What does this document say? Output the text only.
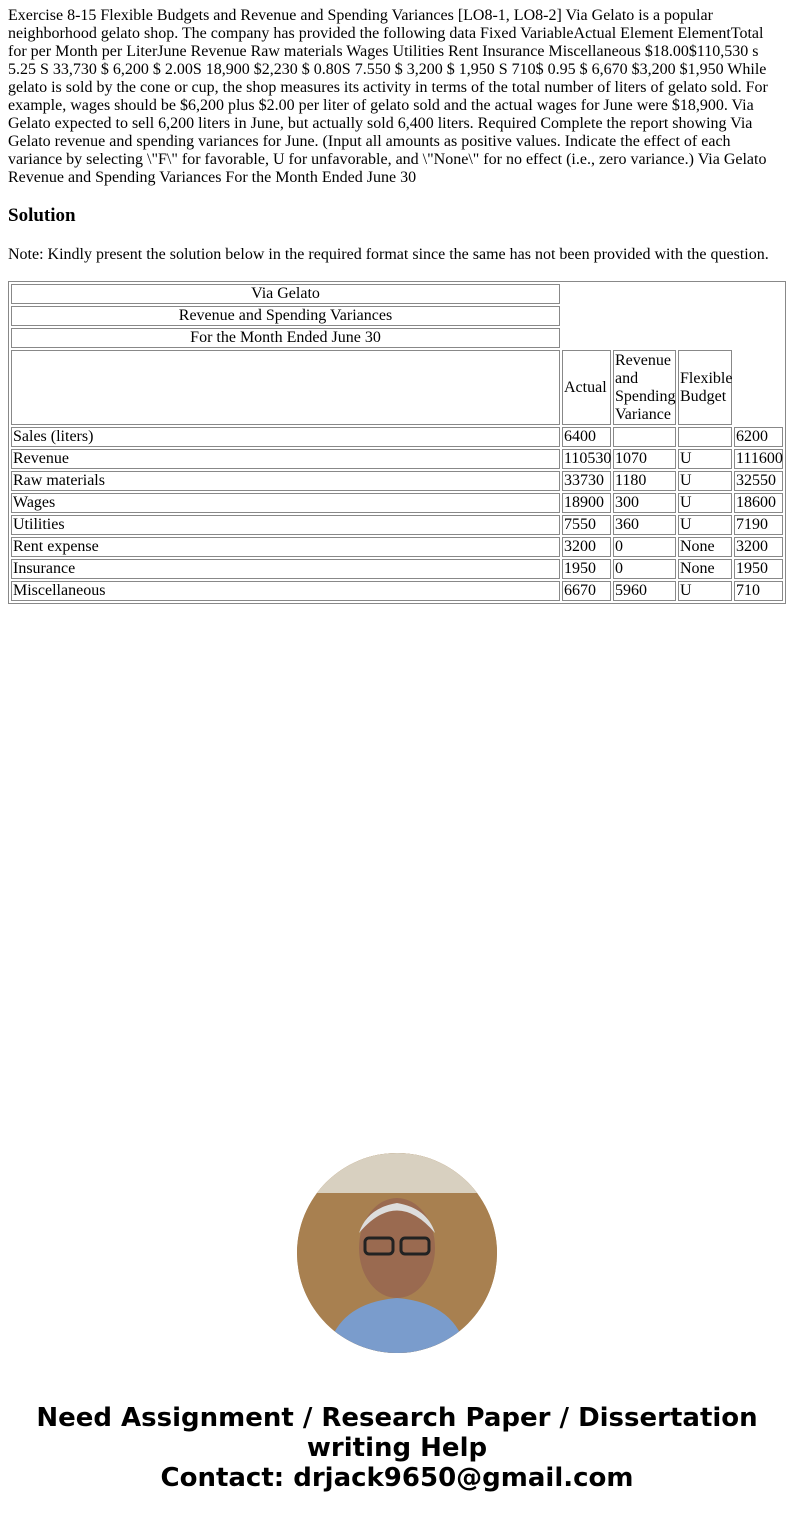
Exercise 8-15 Flexible Budgets and Revenue and Spending Variances [LO8-1, LO8-2] Via Gelato is a popular neighborhood gelato shop. The company has provided the following data Fixed VariableActual Element ElementTotal for per Month per LiterJune Revenue Raw materials Wages Utilities Rent Insurance Miscellaneous $18.00$110,530 s 5.25 S 33,730 $ 6,200 $ 2.00S 18,900 $2,230 $ 0.80S 7.550 $ 3,200 $ 1,950 S 710$ 0.95 $ 6,670 $3,200 $1,950 While gelato is sold by the cone or cup, the shop measures its activity in terms of the total number of liters of gelato sold. For example, wages should be $6,200 plus $2.00 per liter of gelato sold and the actual wages for June were $18,900. Via Gelato expected to sell 6,200 liters in June, but actually sold 6,400 liters. Required Complete the report showing Via Gelato revenue and spending variances for June. (Input all amounts as positive values. Indicate the effect of each variance by selecting \"F\" for favorable, U for unfavorable, and \"None\" for no effect (i.e., zero variance.) Via Gelato Revenue and Spending Variances For the Month Ended June 30

Solution

Note: Kindly present the solution below in the required format since the same has not been provided with the question.

Via Gelato				
Revenue and Spending Variances				
For the Month Ended June 30				
	Actual	Revenue and Spending Variance	Flexible Budget	
Sales (liters)	6400			6200
Revenue	110530	1070	U	111600
Raw materials	33730	1180	U	32550
Wages	18900	300	U	18600
Utilities	7550	360	U	7190
Rent expense	3200	0	None	3200
Insurance	1950	0	None	1950
Miscellaneous	6670	5960	U	710
Need Assignment / Research Paper / Dissertation writing Help
Contact: drjack9650@gmail.com
